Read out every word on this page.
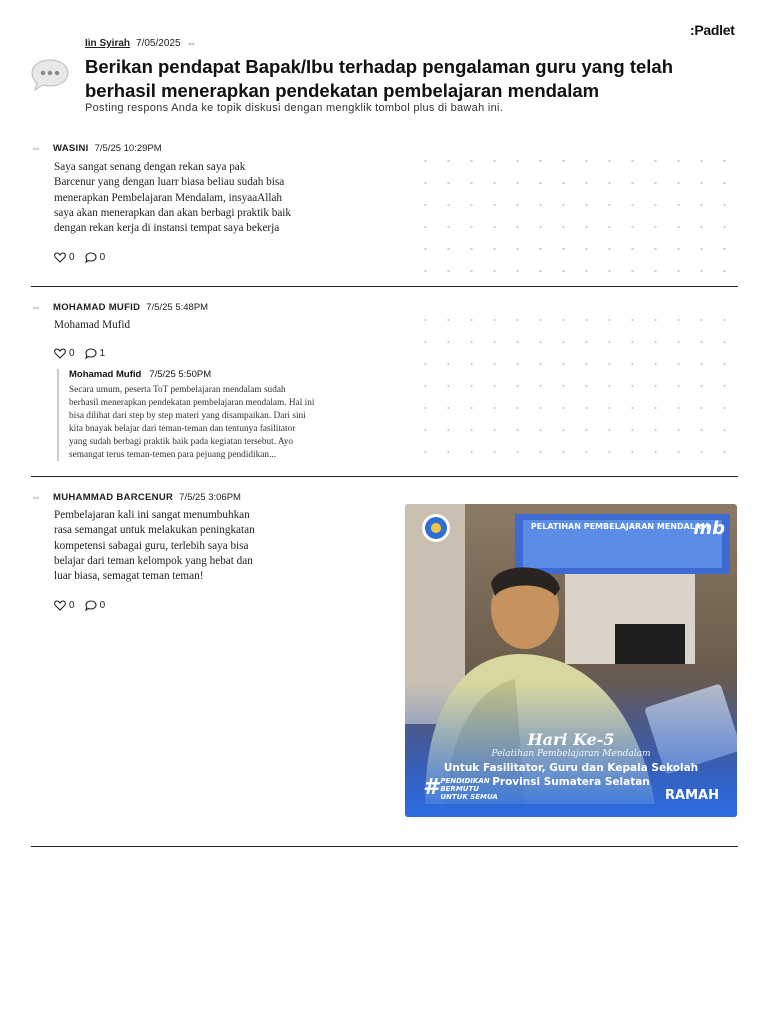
:Padlet
Iin Syirah 7/05/2025 ⇔
Berikan pendapat Bapak/Ibu terhadap pengalaman guru yang telah berhasil menerapkan pendekatan pembelajaran mendalam
Posting respons Anda ke topik diskusi dengan mengklik tombol plus di bawah ini.
⇔	WASINI 7/5/25 10:29PM
Saya sangat senang dengan rekan saya pak
Barcenur yang dengan luarr biasa beliau sudah bisa
menerapkan Pembelajaran Mendalam, insyaaAllah
saya akan menerapkan dan akan berbagi praktik baik
dengan rekan kerja di instansi tempat saya bekerja
0	0
⇔	MOHAMAD MUFID 7/5/25 5:48PM
Mohamad Mufid
0	1
Mohamad Mufid 7/5/25 5:50PM
Secara umum, peserta ToT pembelajaran mendalam sudah
berhasil menerapkan pendekatan pembelajaran mendalam. Hal ini
bisa dilihat dari step by step materi yang disampaikan. Dari sini
kita bnayak belajar dari teman-teman dan tentunya fasilitator
yang sudah berbagi praktik baik pada kegiatan tersebut. Ayo
semangat terus teman-temen para pejuang pendidikan...
⇔	MUHAMMAD BARCENUR 7/5/25 3:06PM
Pembelajaran kali ini sangat menumbuhkan
rasa semangat untuk melakukan peningkatan
kompetensi sabagai guru, terlebih saya bisa
belajar dari teman kelompok yang hebat dan
luar biasa, semagat teman teman!
0	0
PELATIHAN PEMBELAJARAN MENDALAM
mb
Hari Ke-5
Pelatihan Pembelajaran Mendalam
Untuk Fasilitator, Guru dan Kepala Sekolah
Provinsi Sumatera Selatan
# PENDIDIKAN BERMUTU UNTUK SEMUA	RAMAH
